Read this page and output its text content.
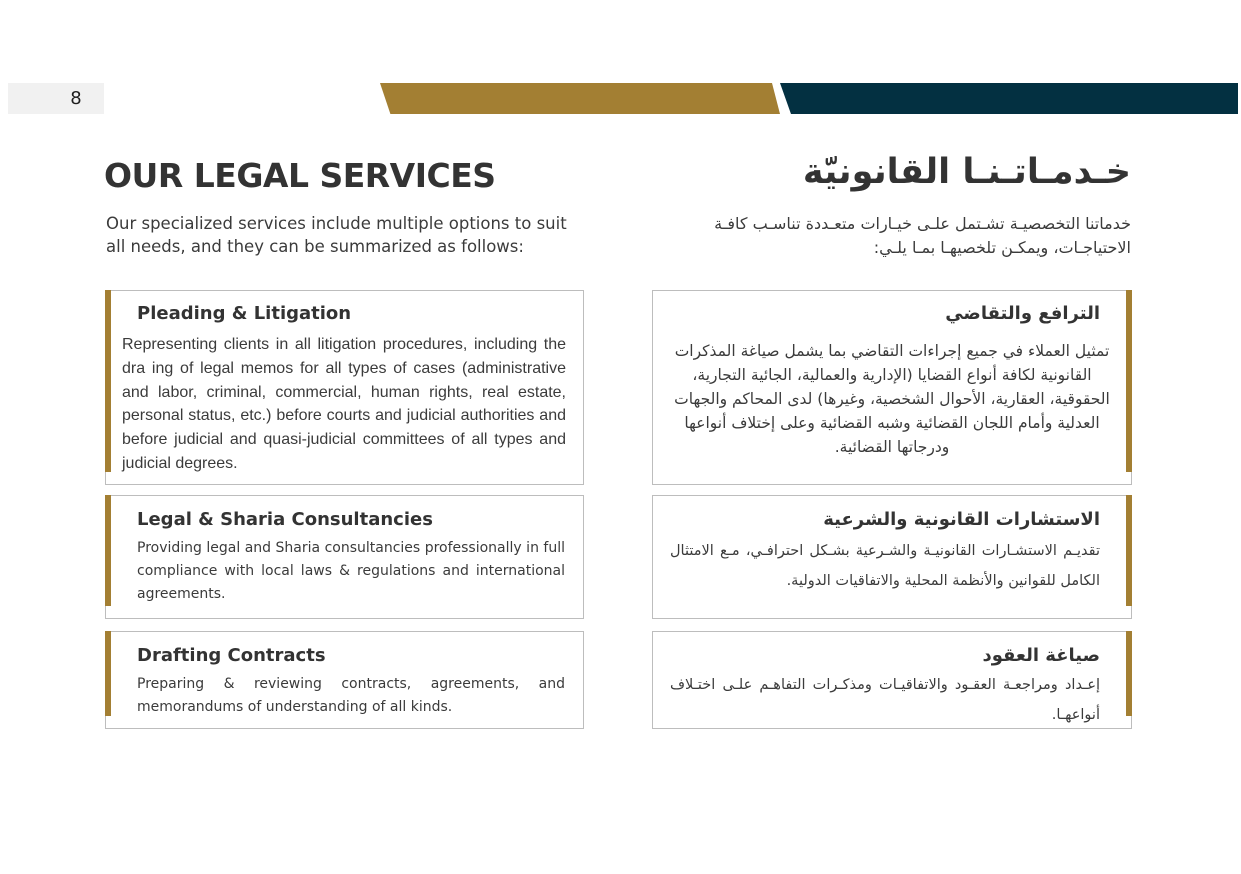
8
OUR LEGAL SERVICES	خـدمـاتـنـا القانونيّة

Our specialized services include multiple options to suit all needs, and they can be summarized as follows:

خدماتنا التخصصيـة تشـتمل علـى خيـارات متعـددة تناسـب كافـة الاحتياجـات، ويمكـن تلخصيهـا بمـا يلـي:

Pleading & Litigation

Representing clients in all litigation procedures, including the dra ing of legal memos for all types of cases (administrative and labor, criminal, commercial, human rights, real estate, personal status, etc.) before courts and judicial authorities and before judicial and quasi-judicial committees of all types and judicial degrees.

الترافع والتقاضي

تمثيل العملاء في جميع إجراءات التقاضي بما يشمل صياغة المذكرات القانونية لكافة أنواع القضايا (الإدارية والعمالية، الجائية التجارية، الحقوقية، العقارية، الأحوال الشخصية، وغيرها) لدى المحاكم والجهات العدلية وأمام اللجان القضائية وشبه القضائية وعلى إختلاف أنواعها ودرجاتها القضائية.

Legal & Sharia Consultancies

Providing legal and Sharia consultancies professionally in full compliance with local laws & regulations and international agreements.

الاستشارات القانونية والشرعية

تقديـم الاستشـارات القانونيـة والشـرعية بشـكل احترافـي، مـع الامتثال الكامل للقوانين والأنظمة المحلية والاتفاقيات الدولية.

Drafting Contracts

Preparing & reviewing contracts, agreements, and memorandums of understanding of all kinds.

صياغة العقود

إعـداد ومراجعـة العقـود والاتفاقيـات ومذكـرات التفاهـم علـى اختـلاف أنواعهـا.
